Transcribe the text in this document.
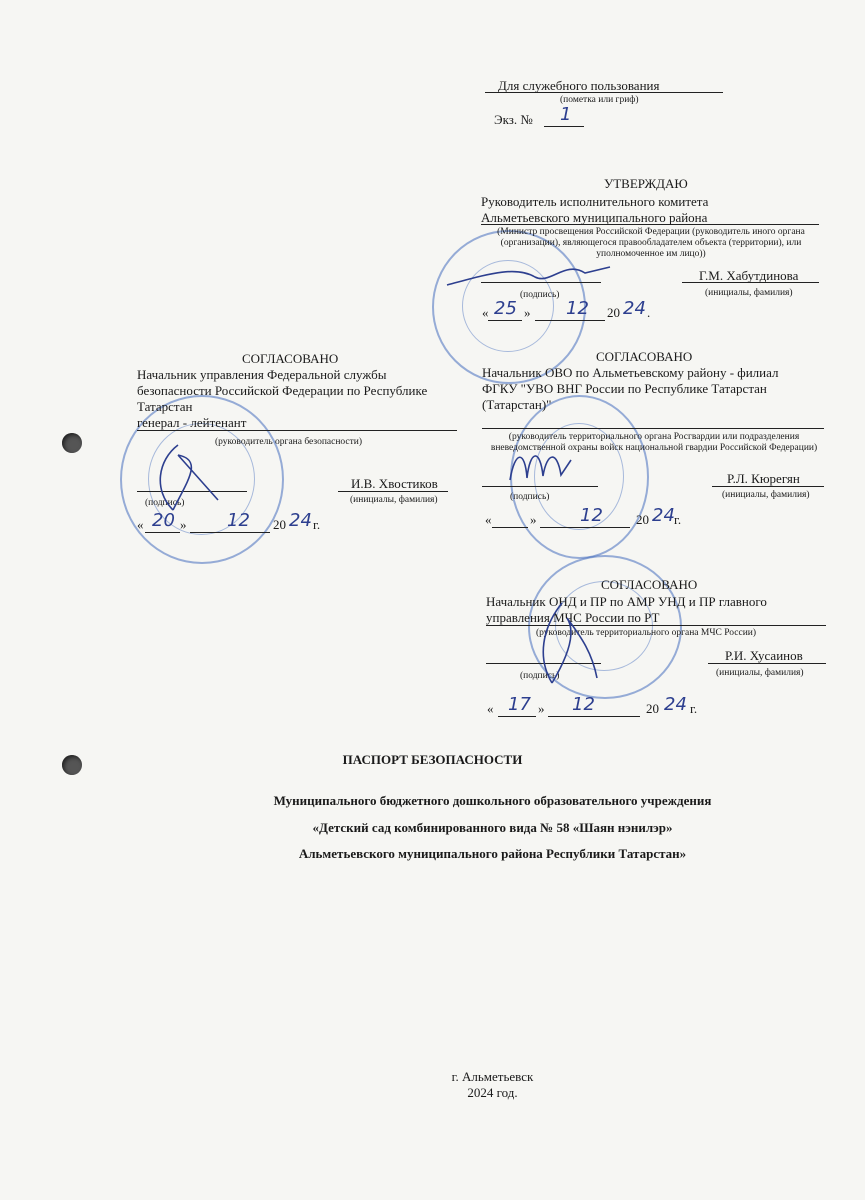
Для служебного пользования
(пометка или гриф)
Экз. № 1
УТВЕРЖДАЮ
Руководитель исполнительного комитета
Альметьевского муниципального района
(Министр просвещения Российской Федерации (руководитель иного органа (организации), являющегося правообладателем объекта (территории), или уполномоченное им лицо))
Г.М. Хабутдинова
(подпись)	(инициалы, фамилия)
« 25 » 12 20 24 .
СОГЛАСОВАНО
Начальник управления Федеральной службы
безопасности Российской Федерации по Республике
Татарстан
генерал - лейтенант
(руководитель органа безопасности)
И.В. Хвостиков
(подпись)	(инициалы, фамилия)
« 20 » 12 20 24 г.
СОГЛАСОВАНО
Начальник ОВО по Альметьевскому району - филиал
ФГКУ "УВО ВНГ России по Республике Татарстан
(Татарстан)"
(руководитель территориального органа Росгвардии или подразделения вневедомственной охраны войск национальной гвардии Российской Федерации)
Р.Л. Кюрегян
(подпись)	(инициалы, фамилия)
«	» 12	20 24 г.
СОГЛАСОВАНО
Начальник ОНД и ПР по АМР УНД и ПР главного
управления МЧС России по РТ
(руководитель территориального органа МЧС России)
Р.И. Хусаинов
(подпись)	(инициалы, фамилия)
« 17 » 12	20 24 г.
ПАСПОРТ БЕЗОПАСНОСТИ
Муниципального бюджетного дошкольного образовательного учреждения
«Детский сад комбинированного вида № 58 «Шаян нэнилэр»
Альметьевского муниципального района Республики Татарстан»
г. Альметьевск
2024 год.
